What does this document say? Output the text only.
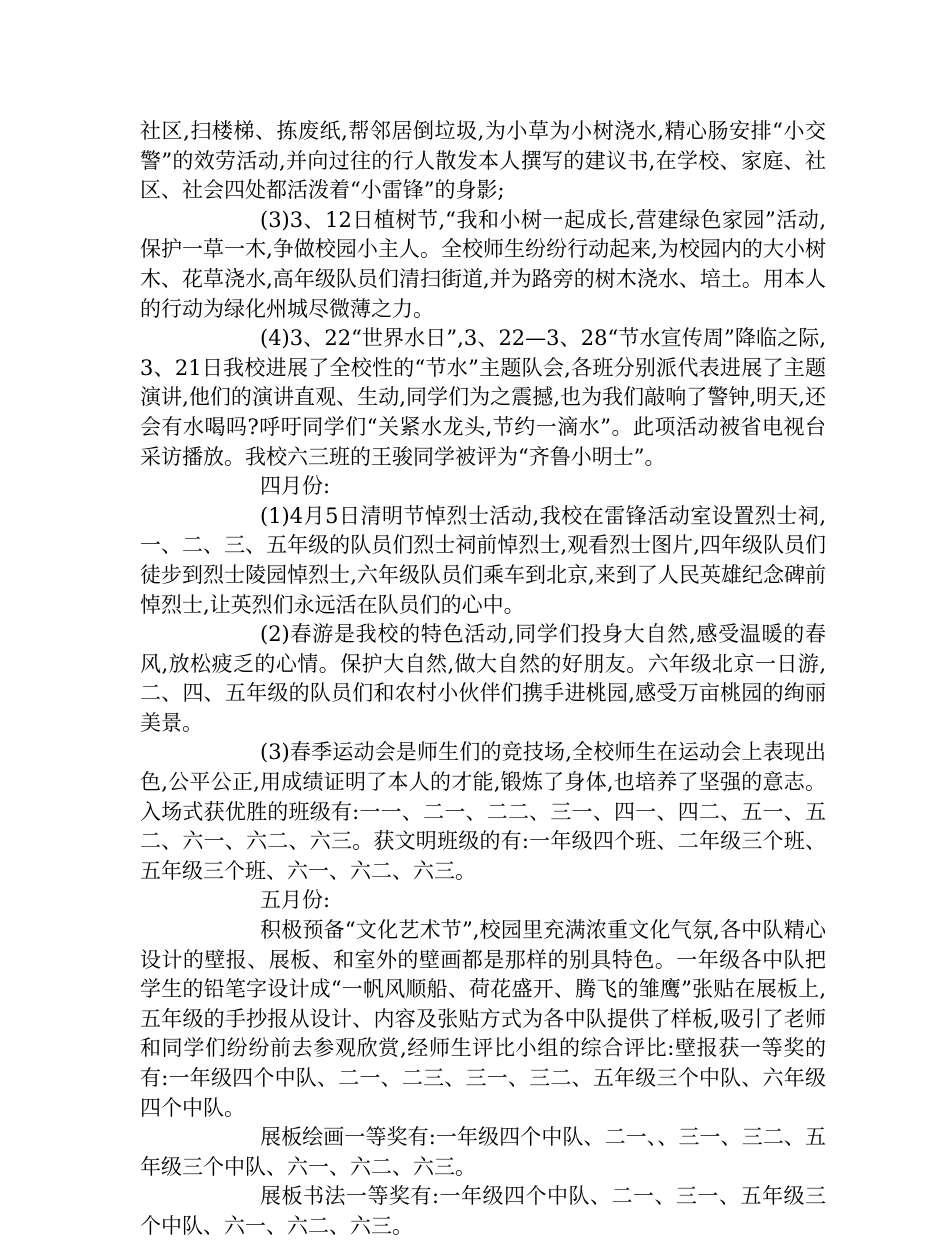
社区,扫楼梯、拣废纸,帮邻居倒垃圾,为小草为小树浇水,精心肠安排“小交警”的效劳活动,并向过往的行人散发本人撰写的建议书,在学校、家庭、社区、社会四处都活泼着“小雷锋”的身影;

(3)3、12日植树节,“我和小树一起成长,营建绿色家园”活动,保护一草一木,争做校园小主人。全校师生纷纷行动起来,为校园内的大小树木、花草浇水,高年级队员们清扫街道,并为路旁的树木浇水、培土。用本人的行动为绿化州城尽微薄之力。

(4)3、22“世界水日”,3、22—3、28“节水宣传周”降临之际,3、21日我校进展了全校性的“节水”主题队会,各班分别派代表进展了主题演讲,他们的演讲直观、生动,同学们为之震撼,也为我们敲响了警钟,明天,还会有水喝吗?呼吁同学们“关紧水龙头,节约一滴水”。此项活动被省电视台采访播放。我校六三班的王骏同学被评为“齐鲁小明士”。

四月份:

(1)4月5日清明节悼烈士活动,我校在雷锋活动室设置烈士祠,一、二、三、五年级的队员们烈士祠前悼烈士,观看烈士图片,四年级队员们徒步到烈士陵园悼烈士,六年级队员们乘车到北京,来到了人民英雄纪念碑前悼烈士,让英烈们永远活在队员们的心中。

(2)春游是我校的特色活动,同学们投身大自然,感受温暖的春风,放松疲乏的心情。保护大自然,做大自然的好朋友。六年级北京一日游,二、四、五年级的队员们和农村小伙伴们携手进桃园,感受万亩桃园的绚丽美景。

(3)春季运动会是师生们的竞技场,全校师生在运动会上表现出色,公平公正,用成绩证明了本人的才能,锻炼了身体,也培养了坚强的意志。入场式获优胜的班级有:一一、二一、二二、三一、四一、四二、五一、五二、六一、六二、六三。获文明班级的有:一年级四个班、二年级三个班、五年级三个班、六一、六二、六三。

五月份:

积极预备“文化艺术节”,校园里充满浓重文化气氛,各中队精心设计的壁报、展板、和室外的壁画都是那样的别具特色。一年级各中队把学生的铅笔字设计成“一帆风顺船、荷花盛开、腾飞的雏鹰”张贴在展板上,五年级的手抄报从设计、内容及张贴方式为各中队提供了样板,吸引了老师和同学们纷纷前去参观欣赏,经师生评比小组的综合评比:壁报获一等奖的有:一年级四个中队、二一、二三、三一、三二、五年级三个中队、六年级四个中队。

展板绘画一等奖有:一年级四个中队、二一、、三一、三二、五年级三个中队、六一、六二、六三。

展板书法一等奖有:一年级四个中队、二一、三一、五年级三个中队、六一、六二、六三。
